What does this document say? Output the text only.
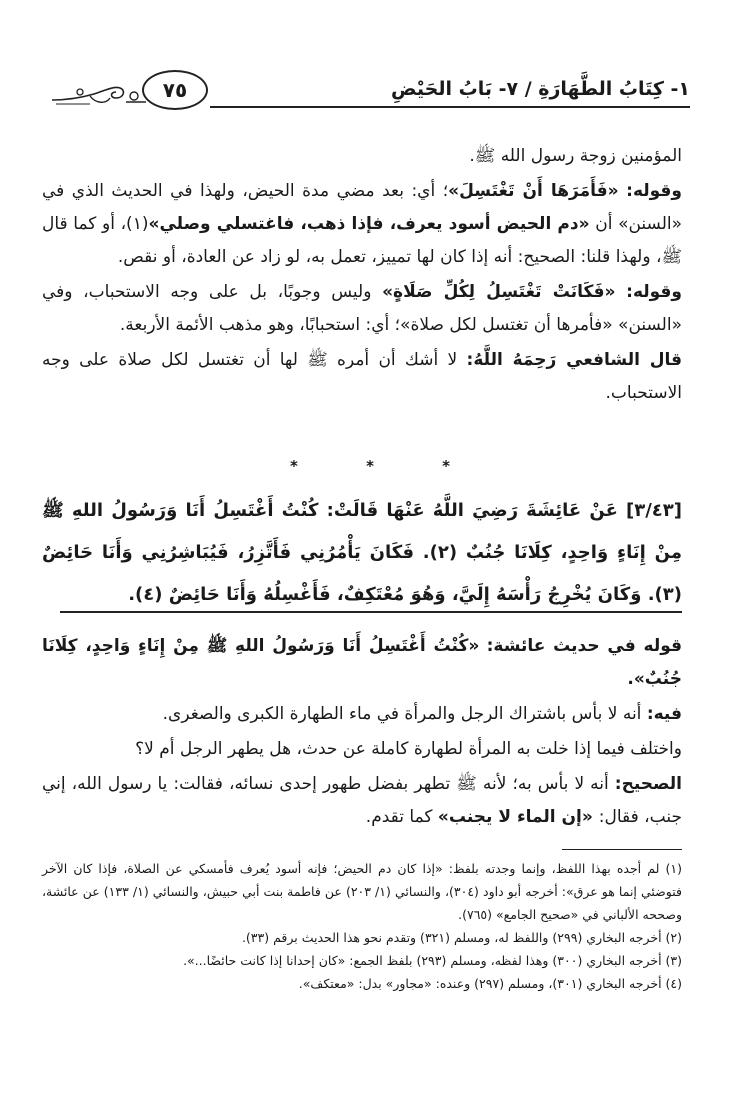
٧٥	١- كِتَابُ الطَّهَارَةِ / ٧- بَابُ الحَيْضِ

المؤمنين زوجة رسول الله ﷺ.

وقوله: «فَأَمَرَهَا أَنْ تَغْتَسِلَ»؛ أي: بعد مضي مدة الحيض، ولهذا في الحديث الذي في «السنن» أن «دم الحيض أسود يعرف، فإذا ذهب، فاغتسلي وصلي»(١)، أو كما قال ﷺ، ولهذا قلنا: الصحيح: أنه إذا كان لها تمييز، تعمل به، لو زاد عن العادة، أو نقص.

وقوله: «فَكَانَتْ تَغْتَسِلُ لِكُلِّ صَلَاةٍ» وليس وجوبًا، بل على وجه الاستحباب، وفي «السنن» «فأمرها أن تغتسل لكل صلاة»؛ أي: استحبابًا، وهو مذهب الأئمة الأربعة.

قال الشافعي رَحِمَهُ اللَّهُ: لا أشك أن أمره ﷺ لها أن تغتسل لكل صلاة على وجه الاستحباب.

*	*	*

[٣/٤٣] عَنْ عَائِشَةَ رَضِيَ اللَّهُ عَنْهَا قَالَتْ: كُنْتُ أَغْتَسِلُ أَنَا وَرَسُولُ اللهِ ﷺ مِنْ إِنَاءٍ وَاحِدٍ، كِلَانَا جُنُبٌ (٢). فَكَانَ يَأْمُرُنِي فَأَتَّزِرُ، فَيُبَاشِرُنِي وَأَنَا حَائِضٌ (٣). وَكَانَ يُخْرِجُ رَأْسَهُ إِلَيَّ، وَهُوَ مُعْتَكِفٌ، فَأَغْسِلُهُ وَأَنَا حَائِضٌ (٤).

قوله في حديث عائشة: «كُنْتُ أَغْتَسِلُ أَنَا وَرَسُولُ اللهِ ﷺ مِنْ إِنَاءٍ وَاحِدٍ، كِلَانَا جُنُبٌ».

فيه: أنه لا بأس باشتراك الرجل والمرأة في ماء الطهارة الكبرى والصغرى.

واختلف فيما إذا خلت به المرأة لطهارة كاملة عن حدث، هل يطهر الرجل أم لا؟

الصحيح: أنه لا بأس به؛ لأنه ﷺ تطهر بفضل طهور إحدى نسائه، فقالت: يا رسول الله، إني جنب، فقال: «إن الماء لا يجنب» كما تقدم.

(١) لم أجده بهذا اللفظ، وإنما وجدته بلفظ: «إذا كان دم الحيض؛ فإنه أسود يُعرف فأمسكي عن الصلاة، فإذا كان الآخر فتوضئي إنما هو عرق»: أخرجه أبو داود (٣٠٤)، والنسائي (١/ ٢٠٣) عن فاطمة بنت أبي حبيش، والنسائي (١/ ١٣٣) عن عائشة، وصححه الألباني في «صحيح الجامع» (٧٦٥).

(٢) أخرجه البخاري (٢٩٩) واللفظ له، ومسلم (٣٢١) وتقدم نحو هذا الحديث برقم (٣٣).

(٣) أخرجه البخاري (٣٠٠) وهذا لفظه، ومسلم (٢٩٣) بلفظ الجمع: «كان إحدانا إذا كانت حائضًا...».

(٤) أخرجه البخاري (٣٠١)، ومسلم (٢٩٧) وعنده: «مجاور» بدل: «معتكف».
